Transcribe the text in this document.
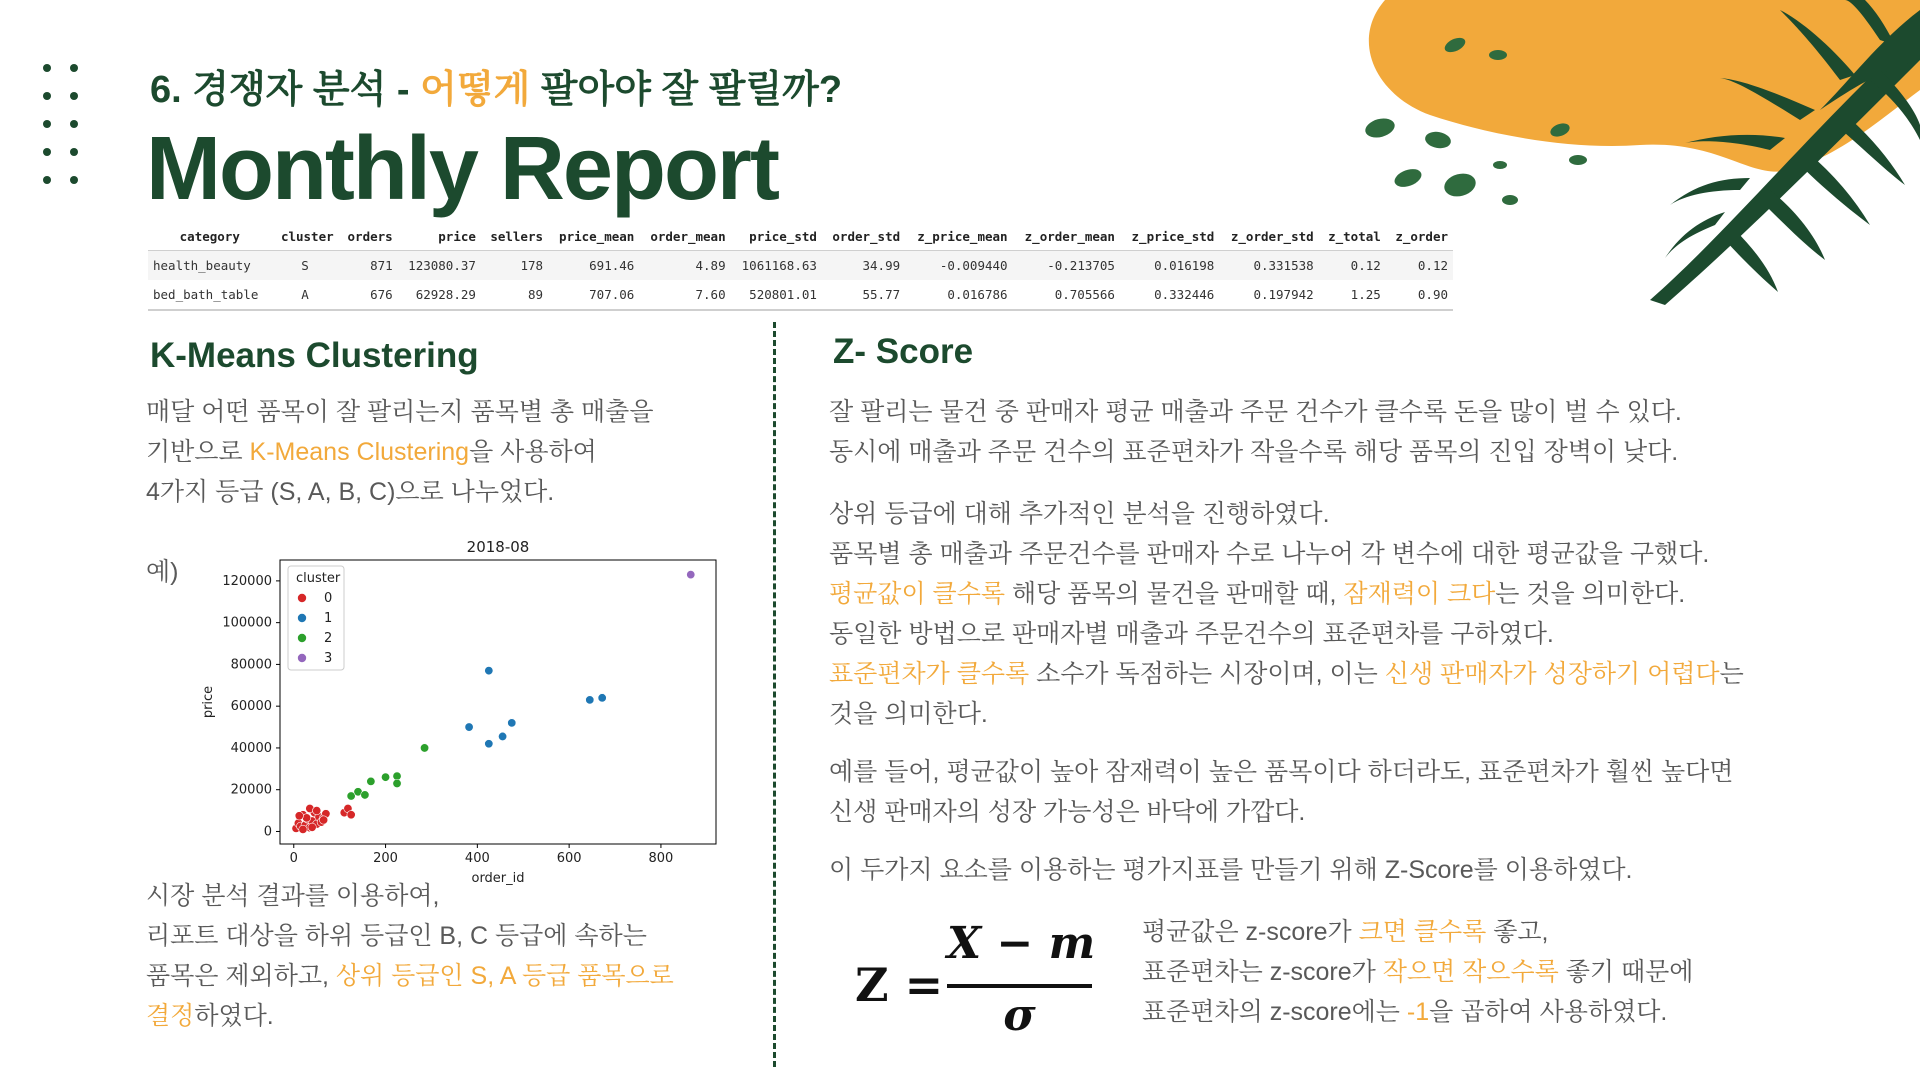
6. 경쟁자 분석 - 어떻게 팔아야 잘 팔릴까?
Monthly Report
category	cluster	orders	price	sellers	price_mean	order_mean	price_std	order_std	z_price_mean	z_order_mean	z_price_std	z_order_std	z_total	z_order
health_beauty	S	871	123080.37	178	691.46	4.89	1061168.63	34.99	-0.009440	-0.213705	0.016198	0.331538	0.12	0.12
bed_bath_table	A	676	62928.29	89	707.06	7.60	520801.01	55.77	0.016786	0.705566	0.332446	0.197942	1.25	0.90
K-Means Clustering
매달 어떤 품목이 잘 팔리는지 품목별 총 매출을
기반으로 K-Means Clustering을 사용하여
4가지 등급 (S, A, B, C)으로 나누었다.
예)
2018-08
0	200	400	600	800
0
20000
40000
60000
80000
100000
120000
order_id
price
cluster
0
1
2
3
시장 분석 결과를 이용하여,
리포트 대상을 하위 등급인 B, C 등급에 속하는
품목은 제외하고, 상위 등급인 S, A 등급 품목으로
결정하였다.
Z- Score
잘 팔리는 물건 중 판매자 평균 매출과 주문 건수가 클수록 돈을 많이 벌 수 있다.
동시에 매출과 주문 건수의 표준편차가 작을수록 해당 품목의 진입 장벽이 낮다.
상위 등급에 대해 추가적인 분석을 진행하였다.
품목별 총 매출과 주문건수를 판매자 수로 나누어 각 변수에 대한 평균값을 구했다.
평균값이 클수록 해당 품목의 물건을 판매할 때, 잠재력이 크다는 것을 의미한다.
동일한 방법으로 판매자별 매출과 주문건수의 표준편차를 구하였다.
표준편차가 클수록 소수가 독점하는 시장이며, 이는 신생 판매자가 성장하기 어렵다는
것을 의미한다.
예를 들어, 평균값이 높아 잠재력이 높은 품목이다 하더라도, 표준편차가 훨씬 높다면
신생 판매자의 성장 가능성은 바닥에 가깝다.
이 두가지 요소를 이용하는 평가지표를 만들기 위해 Z-Score를 이용하였다.
Z =
X − m
σ
평균값은 z-score가 크면 클수록 좋고,
표준편차는 z-score가 작으면 작으수록 좋기 때문에
표준편차의 z-score에는 -1을 곱하여 사용하였다.
